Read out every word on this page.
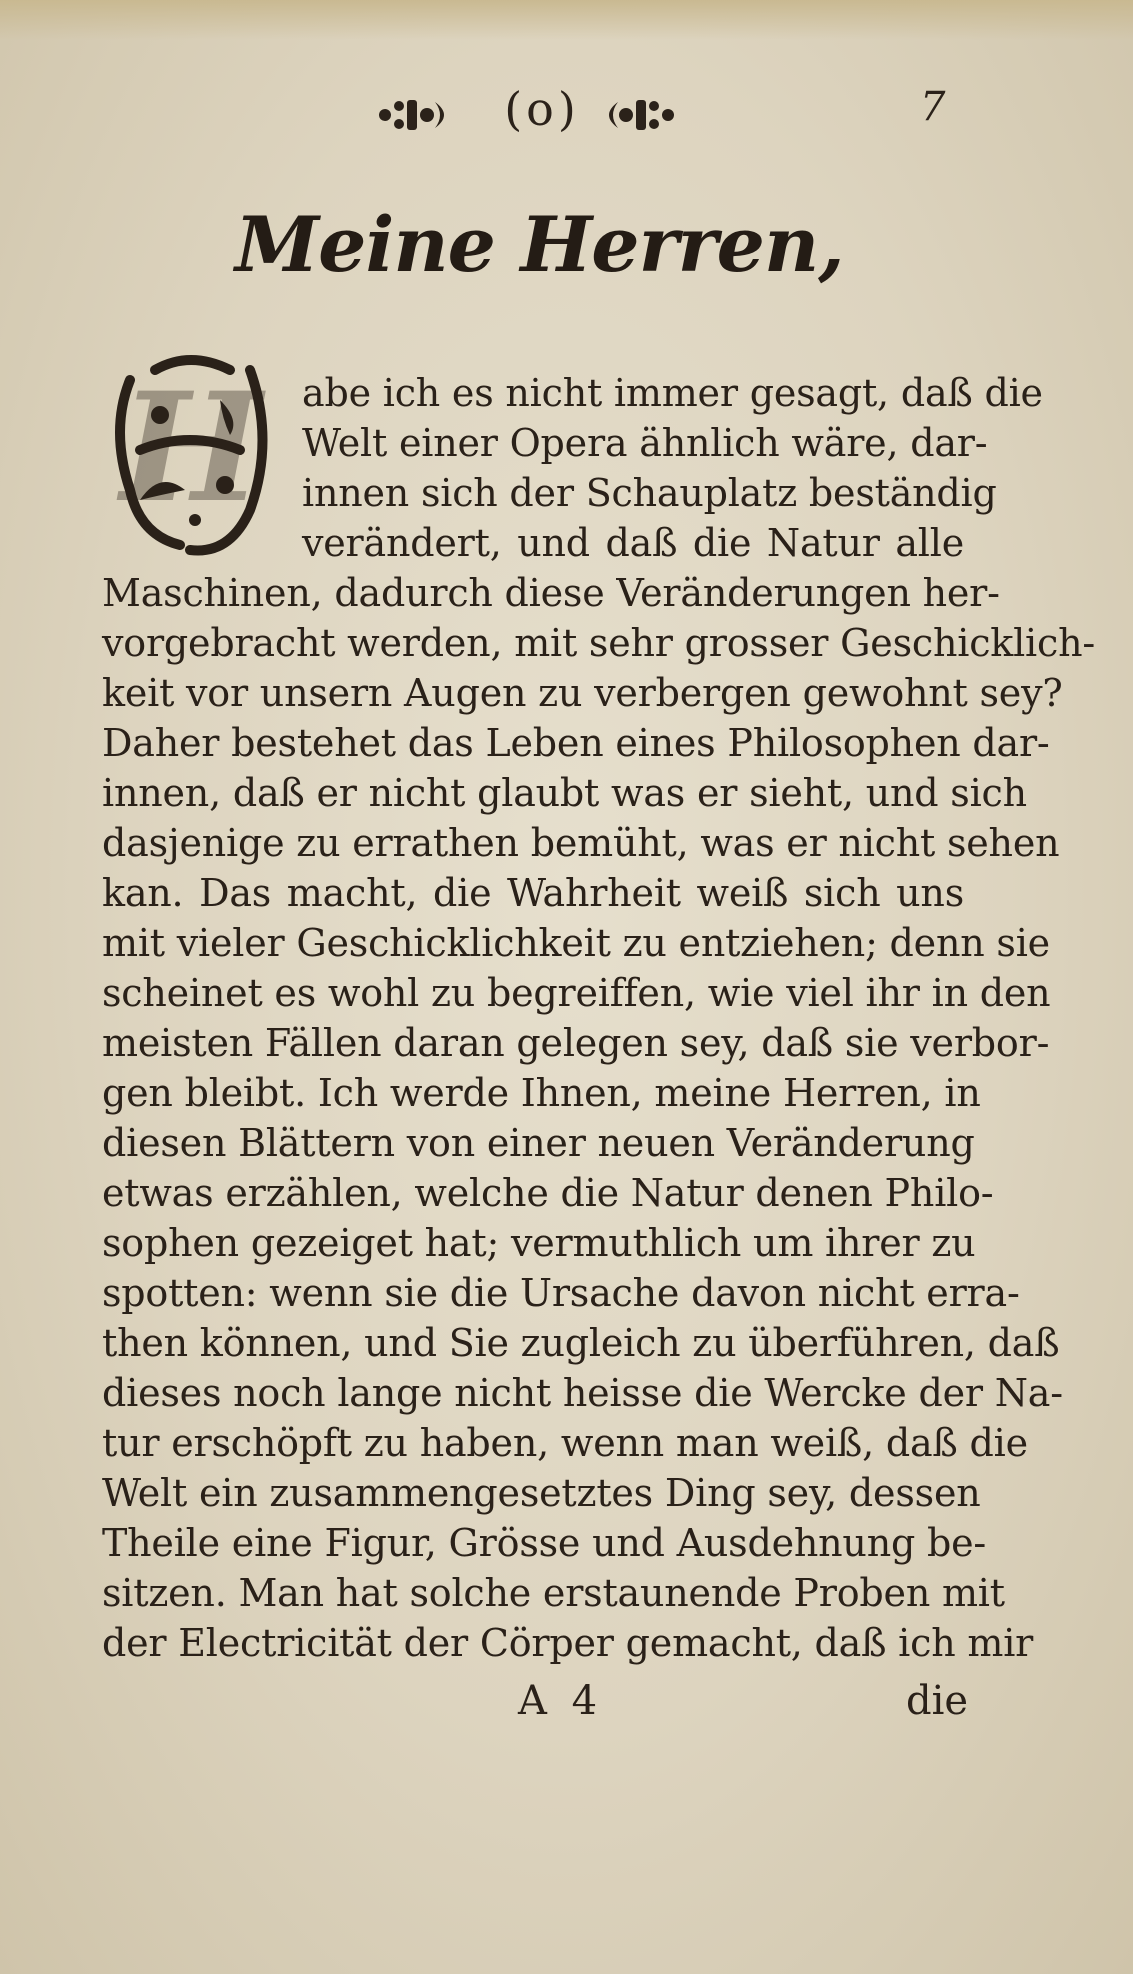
(o)	7
Meine Herren,
H	abe ich es nicht immer gesagt, daß die
Welt einer Opera ähnlich wäre, dar-
innen sich der Schauplatz beständig
verändert, und daß die Natur alle
Maschinen, dadurch diese Veränderungen her-
vorgebracht werden, mit sehr grosser Geschicklich-
keit vor unsern Augen zu verbergen gewohnt sey?
Daher bestehet das Leben eines Philosophen dar-
innen, daß er nicht glaubt was er sieht, und sich
dasjenige zu errathen bemüht, was er nicht sehen
kan. Das macht, die Wahrheit weiß sich uns
mit vieler Geschicklichkeit zu entziehen; denn sie
scheinet es wohl zu begreiffen, wie viel ihr in den
meisten Fällen daran gelegen sey, daß sie verbor-
gen bleibt. Ich werde Ihnen, meine Herren, in
diesen Blättern von einer neuen Veränderung
etwas erzählen, welche die Natur denen Philo-
sophen gezeiget hat; vermuthlich um ihrer zu
spotten: wenn sie die Ursache davon nicht erra-
then können, und Sie zugleich zu überführen, daß
dieses noch lange nicht heisse die Wercke der Na-
tur erschöpft zu haben, wenn man weiß, daß die
Welt ein zusammengesetztes Ding sey, dessen
Theile eine Figur, Grösse und Ausdehnung be-
sitzen. Man hat solche erstaunende Proben mit
der Electricität der Cörper gemacht, daß ich mir
A 4	die
